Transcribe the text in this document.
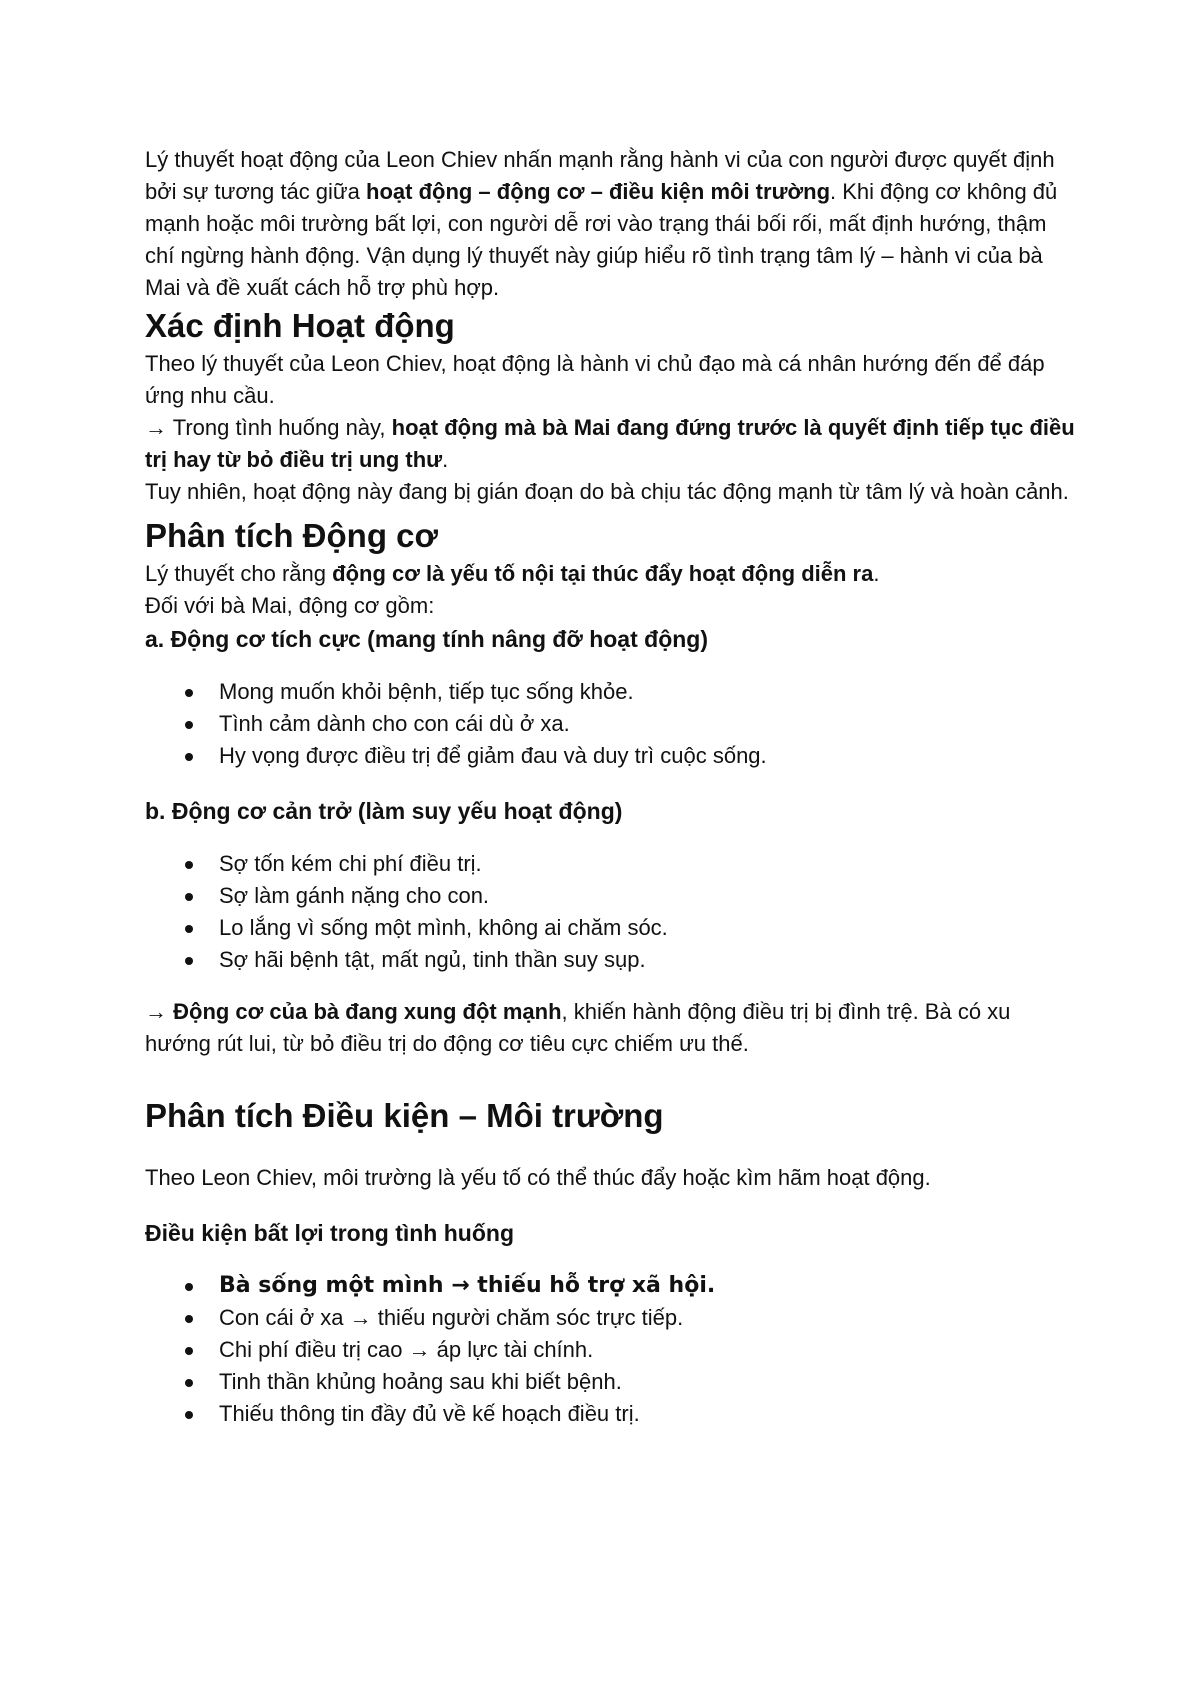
Lý thuyết hoạt động của Leon Chiev nhấn mạnh rằng hành vi của con người được quyết định bởi sự tương tác giữa hoạt động – động cơ – điều kiện môi trường. Khi động cơ không đủ mạnh hoặc môi trường bất lợi, con người dễ rơi vào trạng thái bối rối, mất định hướng, thậm chí ngừng hành động. Vận dụng lý thuyết này giúp hiểu rõ tình trạng tâm lý – hành vi của bà Mai và đề xuất cách hỗ trợ phù hợp.

Xác định Hoạt động

Theo lý thuyết của Leon Chiev, hoạt động là hành vi chủ đạo mà cá nhân hướng đến để đáp ứng nhu cầu.

→ Trong tình huống này, hoạt động mà bà Mai đang đứng trước là quyết định tiếp tục điều trị hay từ bỏ điều trị ung thư.

Tuy nhiên, hoạt động này đang bị gián đoạn do bà chịu tác động mạnh từ tâm lý và hoàn cảnh.

Phân tích Động cơ

Lý thuyết cho rằng động cơ là yếu tố nội tại thúc đẩy hoạt động diễn ra.

Đối với bà Mai, động cơ gồm:

a. Động cơ tích cực (mang tính nâng đỡ hoạt động)
Mong muốn khỏi bệnh, tiếp tục sống khỏe.
Tình cảm dành cho con cái dù ở xa.
Hy vọng được điều trị để giảm đau và duy trì cuộc sống.
b. Động cơ cản trở (làm suy yếu hoạt động)
Sợ tốn kém chi phí điều trị.
Sợ làm gánh nặng cho con.
Lo lắng vì sống một mình, không ai chăm sóc.
Sợ hãi bệnh tật, mất ngủ, tinh thần suy sụp.

→ Động cơ của bà đang xung đột mạnh, khiến hành động điều trị bị đình trệ. Bà có xu hướng rút lui, từ bỏ điều trị do động cơ tiêu cực chiếm ưu thế.

Phân tích Điều kiện – Môi trường

Theo Leon Chiev, môi trường là yếu tố có thể thúc đẩy hoặc kìm hãm hoạt động.

Điều kiện bất lợi trong tình huống
Bà sống một mình → thiếu hỗ trợ xã hội.
Con cái ở xa → thiếu người chăm sóc trực tiếp.
Chi phí điều trị cao → áp lực tài chính.
Tinh thần khủng hoảng sau khi biết bệnh.
Thiếu thông tin đầy đủ về kế hoạch điều trị.
